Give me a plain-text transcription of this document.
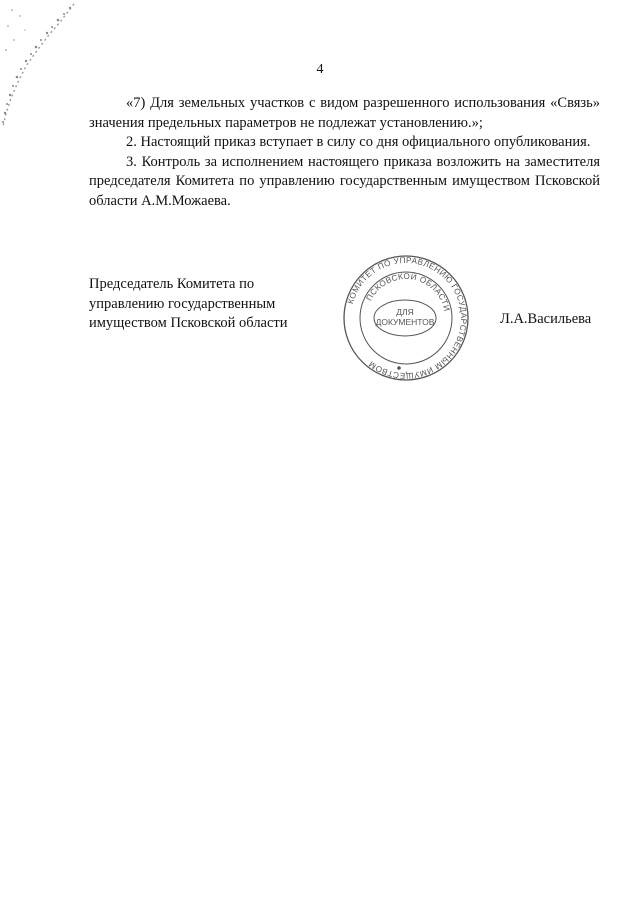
4

«7) Для земельных участков с видом разрешенного использования «Связь» значения предельных параметров не подлежат установлению.»;

2. Настоящий приказ вступает в силу со дня официального опубликования.

3. Контроль за исполнением настоящего приказа возложить на заместителя председателя Комитета по управлению государственным имуществом Псковской области А.М.Можаева.

Председатель Комитета по

управлению государственным

имуществом Псковской области

КОМИТЕТ ПО УПРАВЛЕНИЮ ГОСУДАРСТВЕННЫМ ИМУЩЕСТВОМ
ПСКОВСКОЙ ОБЛАСТИ
ДЛЯ
ДОКУМЕНТОВ	Л.А.Васильева
